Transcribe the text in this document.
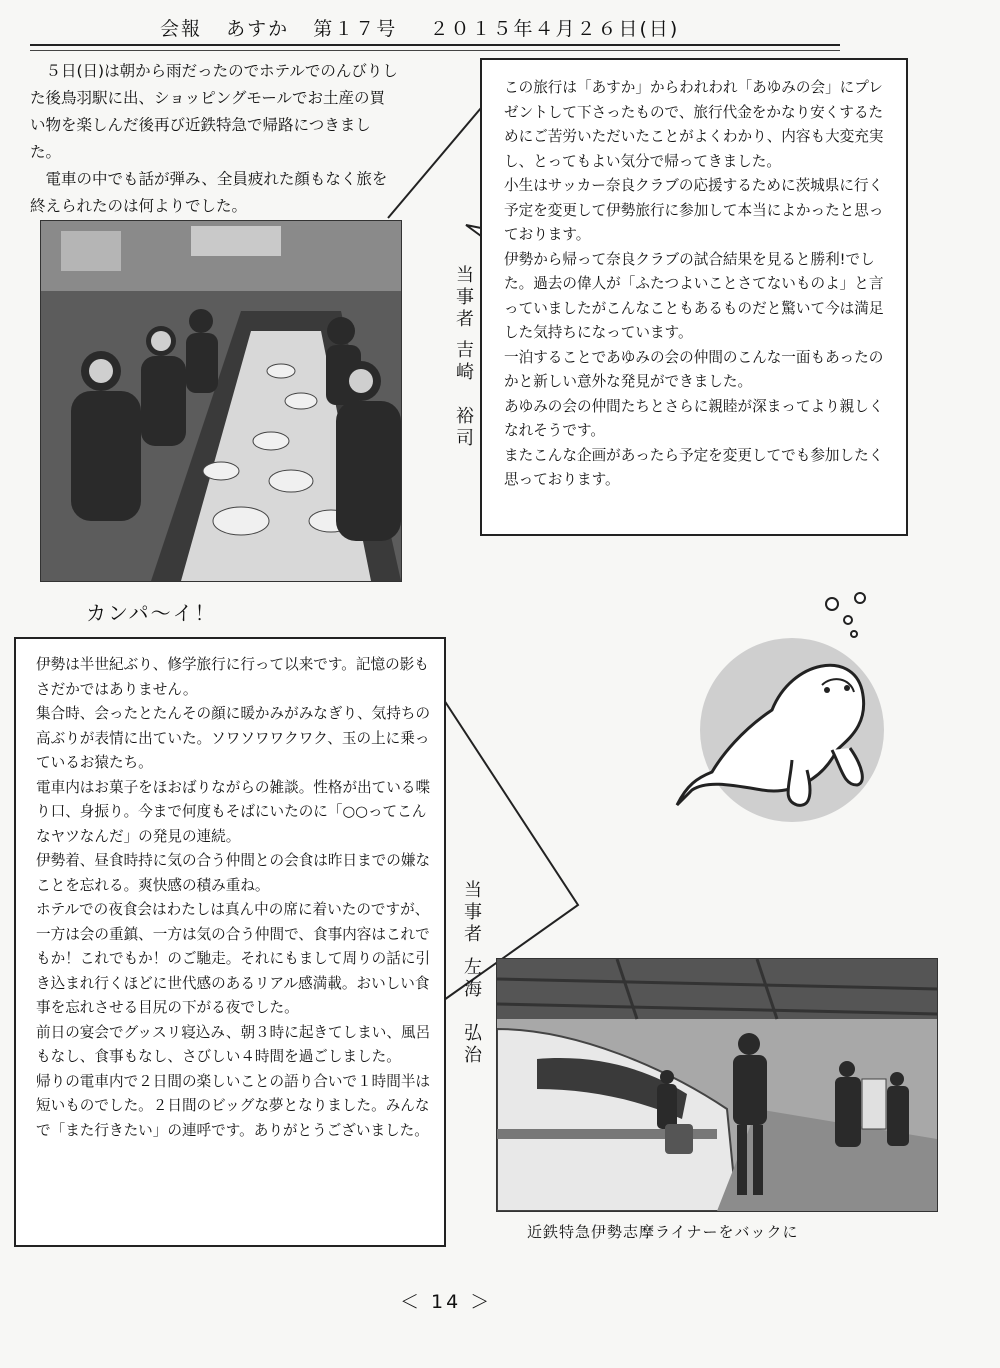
会報 あすか 第１７号 ２０１５年４月２６日(日)

５日(日)は朝から雨だったのでホテルでのんびりした後鳥羽駅に出、ショッピングモールでお土産の買い物を楽しんだ後再び近鉄特急で帰路につきました。

電車の中でも話が弾み、全員疲れた顔もなく旅を終えられたのは何よりでした。

カンパ～イ！
当事者
吉崎　裕司

この旅行は「あすか」からわれわれ「あゆみの会」にプレゼントして下さったもので、旅行代金をかなり安くするためにご苦労いただいたことがよくわかり、内容も大変充実し、とってもよい気分で帰ってきました。

小生はサッカー奈良クラブの応援するために茨城県に行く予定を変更して伊勢旅行に参加して本当によかったと思っております。

伊勢から帰って奈良クラブの試合結果を見ると勝利!でした。過去の偉人が「ふたつよいことさてないものよ」と言っていましたがこんなこともあるものだと驚いて今は満足した気持ちになっています。

一泊することであゆみの会の仲間のこんな一面もあったのかと新しい意外な発見ができました。

あゆみの会の仲間たちとさらに親睦が深まってより親しくなれそうです。

またこんな企画があったら予定を変更してでも参加したく思っております。

伊勢は半世紀ぶり、修学旅行に行って以来です。記憶の影もさだかではありません。

集合時、会ったとたんその顔に暖かみがみなぎり、気持ちの高ぶりが表情に出ていた。ソワソワワクワク、玉の上に乗っているお猿たち。

電車内はお菓子をほおばりながらの雑談。性格が出ている喋り口、身振り。今まで何度もそばにいたのに「○○ってこんなヤツなんだ」の発見の連続。

伊勢着、昼食時持に気の合う仲間との会食は昨日までの嫌なことを忘れる。爽快感の積み重ね。

ホテルでの夜食会はわたしは真ん中の席に着いたのですが、一方は会の重鎮、一方は気の合う仲間で、食事内容はこれでもか！これでもか！のご馳走。それにもまして周りの話に引き込まれ行くほどに世代感のあるリアル感満載。おいしい食事を忘れさせる目尻の下がる夜でした。

前日の宴会でグッスリ寝込み、朝３時に起きてしまい、風呂もなし、食事もなし、さびしい４時間を過ごしました。

帰りの電車内で２日間の楽しいことの語り合いで１時間半は短いものでした。２日間のビッグな夢となりました。みんなで「また行きたい」の連呼です。ありがとうございました。

当事者
左海　弘治
近鉄特急伊勢志摩ライナーをバックに
＜ 14 ＞
